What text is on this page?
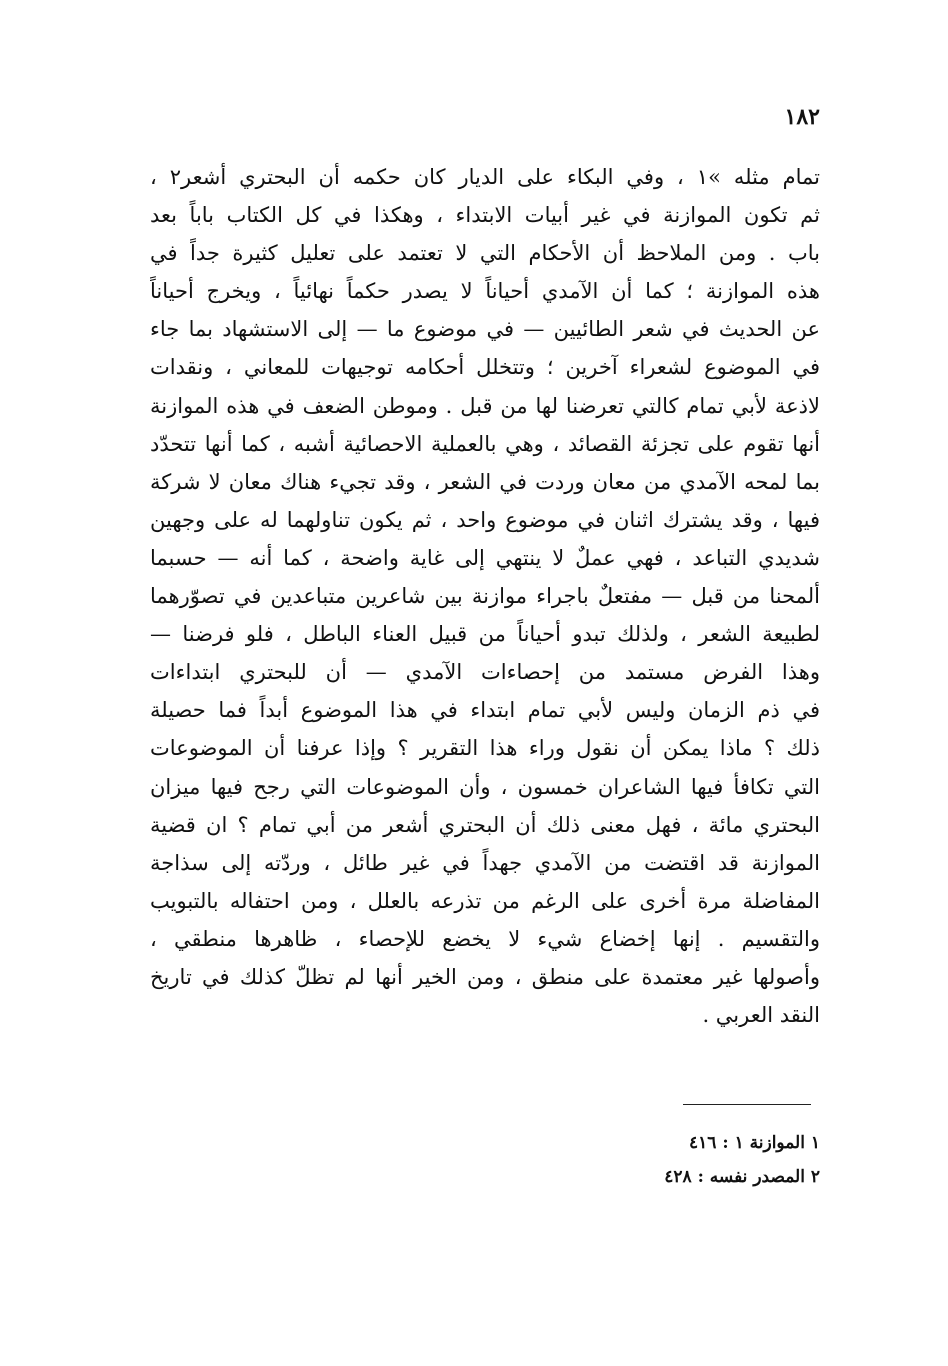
١٨٢
تمام مثله »١ ، وفي البكاء على الديار كان حكمه أن البحتري أشعر٢ ،
ثم تكون الموازنة في غير أبيات الابتداء ، وهكذا في كل الكتاب باباً بعد
باب . ومن الملاحظ أن الأحكام التي لا تعتمد على تعليل كثيرة جداً في
هذه الموازنة ؛ كما أن الآمدي أحياناً لا يصدر حكماً نهائياً ، ويخرج أحياناً
عن الحديث في شعر الطائيين — في موضوع ما — إلى الاستشهاد بما جاء
في الموضوع لشعراء آخرين ؛ وتتخلل أحكامه توجيهات للمعاني ، ونقدات
لاذعة لأبي تمام كالتي تعرضنا لها من قبل . وموطن الضعف في هذه الموازنة
أنها تقوم على تجزئة القصائد ، وهي بالعملية الاحصائية أشبه ، كما أنها تتحدّد
بما لمحه الآمدي من معان وردت في الشعر ، وقد تجيء هناك معان لا شركة
فيها ، وقد يشترك اثنان في موضوع واحد ، ثم يكون تناولهما له على وجهين
شديدي التباعد ، فهي عملٌ لا ينتهي إلى غاية واضحة ، كما أنه — حسبما
ألمحنا من قبل — مفتعلٌ باجراء موازنة بين شاعرين متباعدين في تصوّرهما
لطبيعة الشعر ، ولذلك تبدو أحياناً من قبيل العناء الباطل ، فلو فرضنا —
وهذا الفرض مستمد من إحصاءات الآمدي — أن للبحتري ابتداءات
في ذم الزمان وليس لأبي تمام ابتداء في هذا الموضوع أبداً فما حصيلة
ذلك ؟ ماذا يمكن أن نقول وراء هذا التقرير ؟ وإذا عرفنا أن الموضوعات
التي تكافأ فيها الشاعران خمسون ، وأن الموضوعات التي رجح فيها ميزان
البحتري مائة ، فهل معنى ذلك أن البحتري أشعر من أبي تمام ؟ ان قضية
الموازنة قد اقتضت من الآمدي جهداً في غير طائل ، وردّته إلى سذاجة
المفاضلة مرة أخرى على الرغم من تذرعه بالعلل ، ومن احتفاله بالتبويب
والتقسيم . إنها إخضاع شيء لا يخضع للإحصاء ، ظاهرها منطقي ،
وأصولها غير معتمدة على منطق ، ومن الخير أنها لم تظلّ كذلك في تاريخ
النقد العربي .
١ الموازنة ١ : ٤١٦
٢ المصدر نفسه : ٤٢٨
